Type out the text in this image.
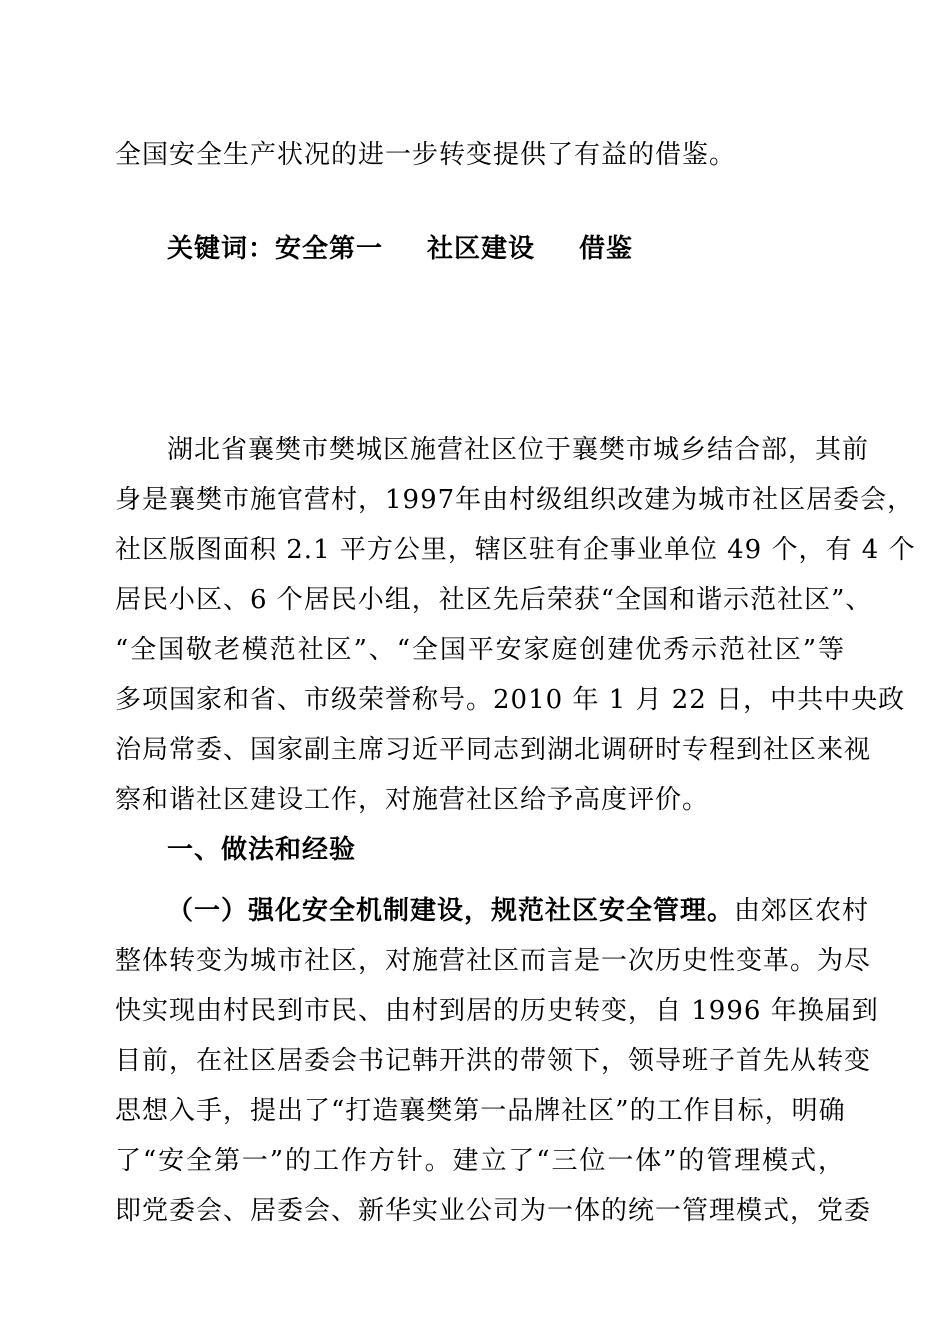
全国安全生产状况的进一步转变提供了有益的借鉴。
关键词：安全第一 社区建设 借鉴
湖北省襄樊市樊城区施营社区位于襄樊市城乡结合部，其前
身是襄樊市施官营村，1997年由村级组织改建为城市社区居委会，
社区版图面积 2.1 平方公里，辖区驻有企事业单位 49 个，有 4 个
居民小区、6 个居民小组，社区先后荣获“全国和谐示范社区”、
“全国敬老模范社区”、“全国平安家庭创建优秀示范社区”等
多项国家和省、市级荣誉称号。2010 年 1 月 22 日，中共中央政
治局常委、国家副主席习近平同志到湖北调研时专程到社区来视
察和谐社区建设工作，对施营社区给予高度评价。
一、做法和经验
（一）强化安全机制建设，规范社区安全管理。由郊区农村
整体转变为城市社区，对施营社区而言是一次历史性变革。为尽
快实现由村民到市民、由村到居的历史转变，自 1996 年换届到
目前，在社区居委会书记韩开洪的带领下，领导班子首先从转变
思想入手，提出了“打造襄樊第一品牌社区”的工作目标，明确
了“安全第一”的工作方针。建立了“三位一体”的管理模式，
即党委会、居委会、新华实业公司为一体的统一管理模式，党委
